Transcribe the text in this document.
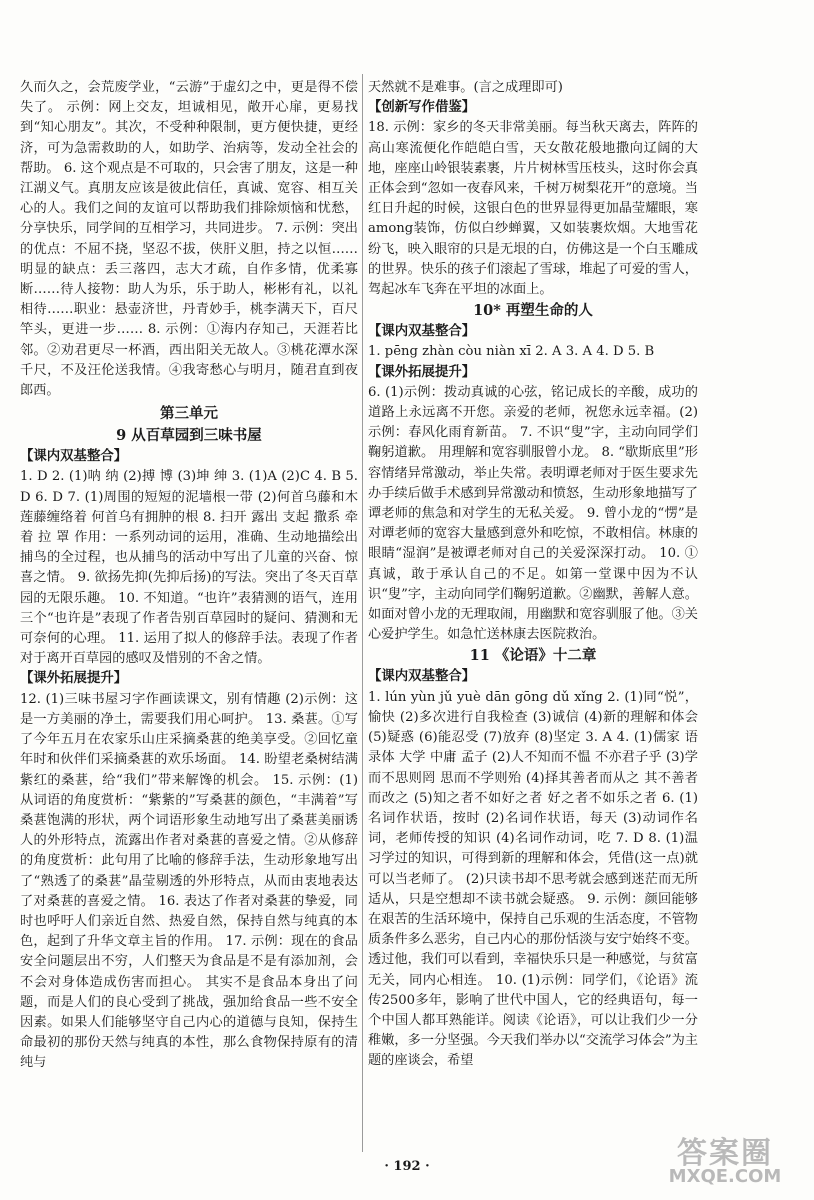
久而久之，会荒废学业，“云游”于虚幻之中，更是得不偿失了。 示例：网上交友，坦诚相见，敞开心扉，更易找到“知心朋友”。其次，不受种种限制，更方便快捷，更经济，可为急需救助的人，如助学、治病等，发动全社会的帮助。 6. 这个观点是不可取的，只会害了朋友，这是一种江湖义气。真朋友应该是彼此信任，真诚、宽容、相互关心的人。我们之间的友谊可以帮助我们排除烦恼和忧愁，分享快乐，同学间的互相学习，共同进步。 7. 示例：突出的优点：不屈不挠，坚忍不拔，侠肝义胆，持之以恒……明显的缺点：丢三落四，志大才疏，自作多情，优柔寡断……待人接物：助人为乐，乐于助人，彬彬有礼，以礼相待……职业：悬壶济世，丹青妙手，桃李满天下，百尺竿头，更进一步…… 8. 示例：①海内存知己，天涯若比邻。②劝君更尽一杯酒，西出阳关无故人。③桃花潭水深千尺，不及汪伦送我情。④我寄愁心与明月，随君直到夜郎西。

第三单元
9 从百草园到三味书屋
【课内双基整合】

1. D 2. (1)呐 纳 (2)搏 博 (3)坤 绅 3. (1)A (2)C 4. B 5. D 6. D 7. (1)周围的短短的泥墙根一带 (2)何首乌藤和木莲藤缠络着 何首乌有拥肿的根 8. 扫开 露出 支起 撒系 牵 着 拉 罩 作用：一系列动词的运用，准确、生动地描绘出捕鸟的全过程，也从捕鸟的活动中写出了儿童的兴奋、惊喜之情。 9. 欲扬先抑(先抑后扬)的写法。突出了冬天百草园的无限乐趣。 10. 不知道。“也许”表猜测的语气，连用三个“也许是”表现了作者告别百草园时的疑问、猜测和无可奈何的心理。 11. 运用了拟人的修辞手法。表现了作者对于离开百草园的感叹及惜别的不舍之情。

【课外拓展提升】

12. (1)三味书屋习字作画读课文，别有情趣 (2)示例：这是一方美丽的净土，需要我们用心呵护。 13. 桑葚。①写了今年五月在农家乐山庄采摘桑葚的绝美享受。②回忆童年时和伙伴们采摘桑葚的欢乐场面。 14. 盼望老桑树结满紫红的桑葚，给“我们”带来解馋的机会。 15. 示例：(1)从词语的角度赏析：“紫紫的”写桑葚的颜色，“丰满着”写桑葚饱满的形状，两个词语形象生动地写出了桑葚美丽诱人的外形特点，流露出作者对桑葚的喜爱之情。②从修辞的角度赏析：此句用了比喻的修辞手法，生动形象地写出了“熟透了的桑葚”晶莹剔透的外形特点，从而由衷地表达了对桑葚的喜爱之情。 16. 表达了作者对桑葚的挚爱，同时也呼吁人们亲近自然、热爱自然，保持自然与纯真的本色，起到了升华文章主旨的作用。 17. 示例：现在的食品安全问题层出不穷，人们整天为食品是不是有添加剂，会不会对身体造成伤害而担心。 其实不是食品本身出了问题，而是人们的良心受到了挑战，强加给食品一些不安全因素。如果人们能够坚守自己内心的道德与良知，保持生命最初的那份天然与纯真的本性，那么食物保持原有的清纯与

天然就不是难事。(言之成理即可)

【创新写作借鉴】

18. 示例：家乡的冬天非常美丽。每当秋天离去，阵阵的高山寒流便化作皑皑白雪，天女散花般地撒向辽阔的大地，座座山岭银装素裹，片片树林雪压枝头，这时你会真正体会到“忽如一夜春风来，千树万树梨花开”的意境。当红日升起的时候，这银白色的世界显得更加晶莹耀眼，寒among装饰，仿似白纱蝉翼，又如装裹炊烟。大地雪花纷飞，映入眼帘的只是无垠的白，仿佛这是一个白玉雕成的世界。快乐的孩子们滚起了雪球，堆起了可爱的雪人，驾起冰车飞奔在平坦的冰面上。

10* 再塑生命的人
【课内双基整合】

1. pēng zhàn còu niàn xī 2. A 3. A 4. D 5. B

【课外拓展提升】

6. (1)示例：拨动真诚的心弦，铭记成长的辛酸，成功的道路上永远离不开您。亲爱的老师，祝您永远幸福。(2)示例：春风化雨育新苗。 7. 不识“叟”字，主动向同学们鞠躬道歉。 用理解和宽容驯服曾小龙。 8. “歇斯底里”形容情绪异常激动，举止失常。表明谭老师对于医生要求先办手续后做手术感到异常激动和愤怒，生动形象地描写了谭老师的焦急和对学生的无私关爱。 9. 曾小龙的“愣”是对谭老师的宽容大量感到意外和吃惊，不敢相信。林康的眼睛“湿润”是被谭老师对自己的关爱深深打动。 10. ①真诚，敢于承认自己的不足。如第一堂课中因为不认识“叟”字，主动向同学们鞠躬道歉。②幽默，善解人意。如面对曾小龙的无理取闹，用幽默和宽容驯服了他。③关心爱护学生。如急忙送林康去医院救治。

11 《论语》十二章
【课内双基整合】

1. lún yùn jǔ yuè dān gōng dǔ xǐng 2. (1)同“悦”，愉快 (2)多次进行自我检查 (3)诚信 (4)新的理解和体会 (5)疑惑 (6)能忍受 (7)放弃 (8)坚定 3. A 4. (1)儒家 语录体 大学 中庸 孟子 (2)人不知而不愠 不亦君子乎 (3)学而不思则罔 思而不学则殆 (4)择其善者而从之 其不善者而改之 (5)知之者不如好之者 好之者不如乐之者 6. (1)名词作状语，按时 (2)名词作状语，每天 (3)动词作名词，老师传授的知识 (4)名词作动词，吃 7. D 8. (1)温习学过的知识，可得到新的理解和体会，凭借(这一点)就可以当老师了。 (2)只读书却不思考就会感到迷茫而无所适从，只是空想却不读书就会疑惑。 9. 示例：颜回能够在艰苦的生活环境中，保持自己乐观的生活态度，不管物质条件多么恶劣，自己内心的那份恬淡与安宁始终不变。透过他，我们可以看到，幸福快乐只是一种感觉，与贫富无关，同内心相连。 10. (1)示例：同学们，《论语》流传2500多年，影响了世代中国人，它的经典语句，每一个中国人都耳熟能详。阅读《论语》，可以让我们少一分稚嫩，多一分坚强。今天我们举办以“交流学习体会”为主题的座谈会，希望

· 192 ·	答案圈
MXQE.COM
